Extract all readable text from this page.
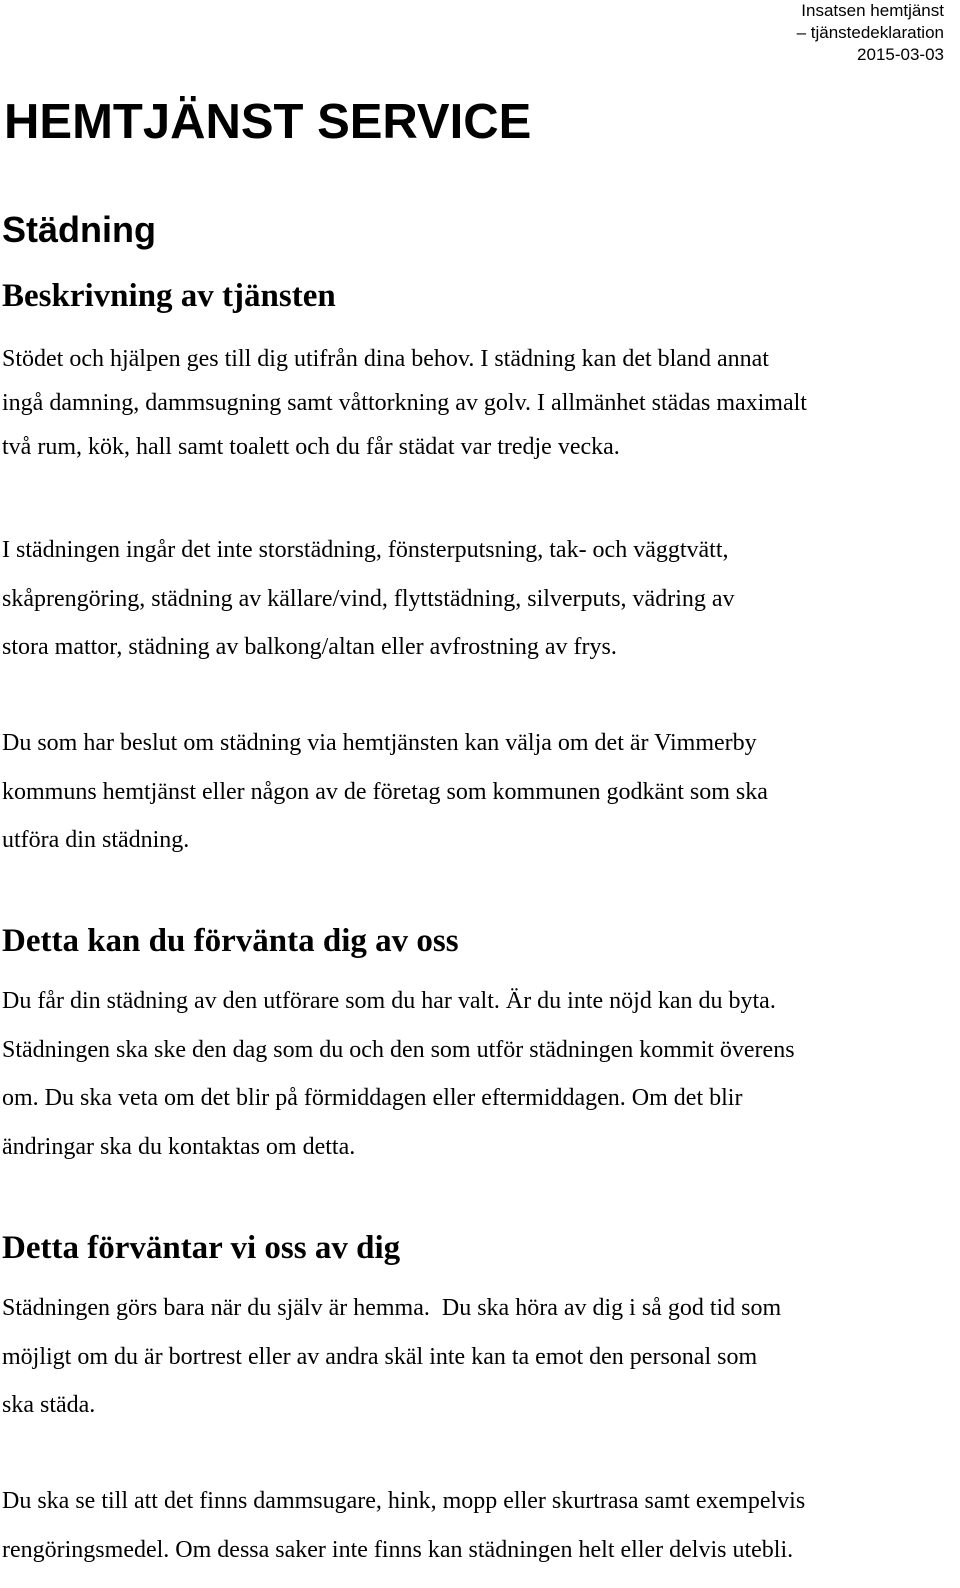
Insatsen hemtjänst
– tjänstedeklaration
2015-03-03
HEMTJÄNST SERVICE
Städning
Beskrivning av tjänsten

Stödet och hjälpen ges till dig utifrån dina behov. I städning kan det bland annat
ingå damning, dammsugning samt våttorkning av golv. I allmänhet städas maximalt
två rum, kök, hall samt toalett och du får städat var tredje vecka.

I städningen ingår det inte storstädning, fönsterputsning, tak- och väggtvätt,
skåprengöring, städning av källare/vind, flyttstädning, silverputs, vädring av
stora mattor, städning av balkong/altan eller avfrostning av frys.

Du som har beslut om städning via hemtjänsten kan välja om det är Vimmerby
kommuns hemtjänst eller någon av de företag som kommunen godkänt som ska
utföra din städning.

Detta kan du förvänta dig av oss

Du får din städning av den utförare som du har valt. Är du inte nöjd kan du byta.
Städningen ska ske den dag som du och den som utför städningen kommit överens
om. Du ska veta om det blir på förmiddagen eller eftermiddagen. Om det blir
ändringar ska du kontaktas om detta.

Detta förväntar vi oss av dig

Städningen görs bara när du själv är hemma.  Du ska höra av dig i så god tid som
möjligt om du är bortrest eller av andra skäl inte kan ta emot den personal som
ska städa.

Du ska se till att det finns dammsugare, hink, mopp eller skurtrasa samt exempelvis
rengöringsmedel. Om dessa saker inte finns kan städningen helt eller delvis utebli.
